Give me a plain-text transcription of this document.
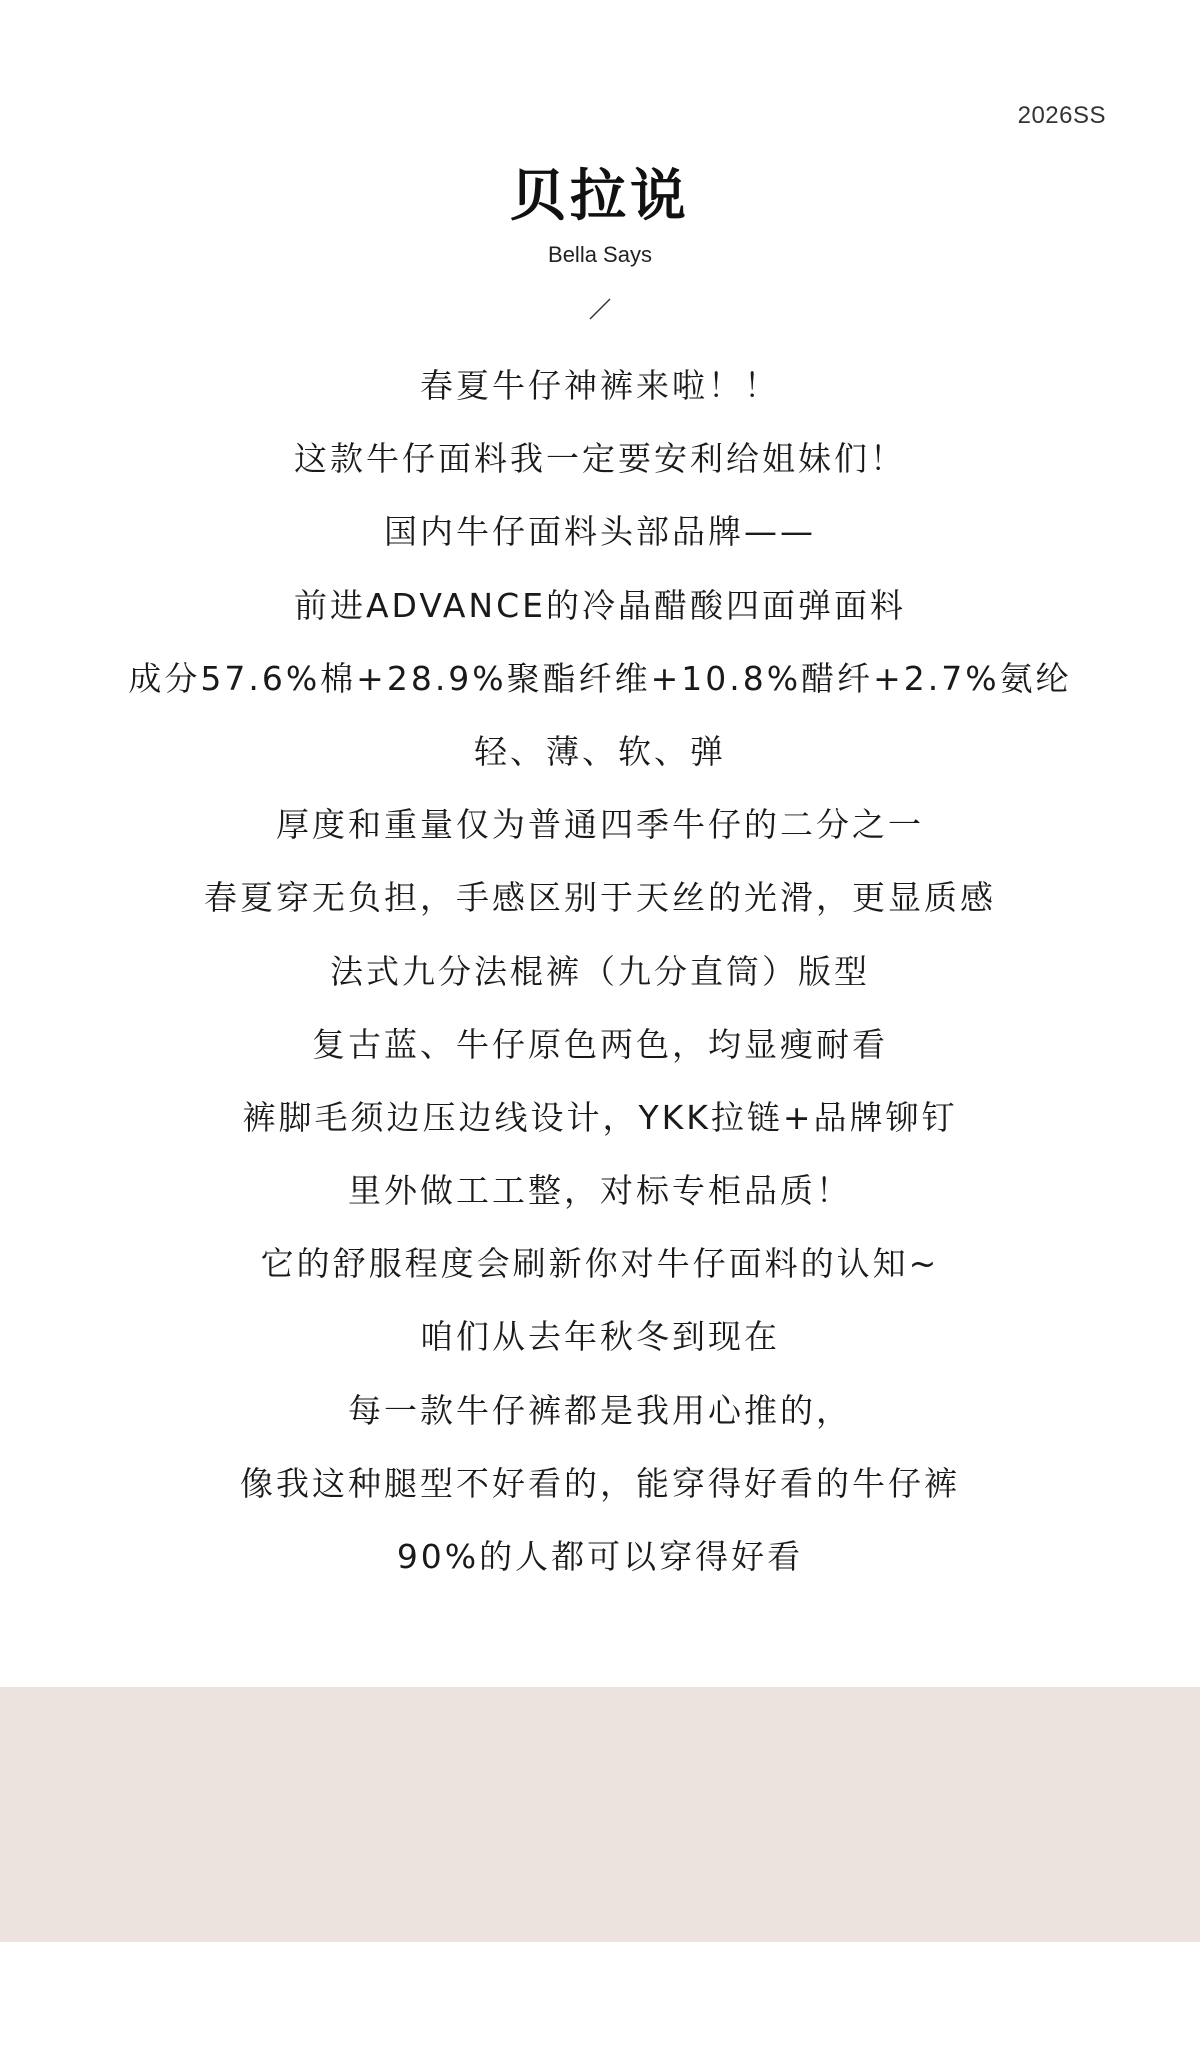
2026SS
贝拉说
Bella Says
春夏牛仔神裤来啦！！
这款牛仔面料我一定要安利给姐妹们！
国内牛仔面料头部品牌——
前进ADVANCE的冷晶醋酸四面弹面料
成分57.6%棉+28.9%聚酯纤维+10.8%醋纤+2.7%氨纶
轻、薄、软、弹
厚度和重量仅为普通四季牛仔的二分之一
春夏穿无负担，手感区别于天丝的光滑，更显质感
法式九分法棍裤（九分直筒）版型
复古蓝、牛仔原色两色，均显瘦耐看
裤脚毛须边压边线设计，YKK拉链+品牌铆钉
里外做工工整，对标专柜品质！
它的舒服程度会刷新你对牛仔面料的认知~
咱们从去年秋冬到现在
每一款牛仔裤都是我用心推的，
像我这种腿型不好看的，能穿得好看的牛仔裤
90%的人都可以穿得好看
